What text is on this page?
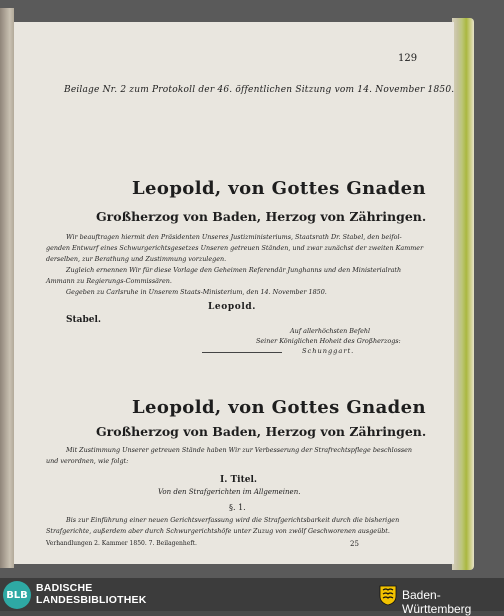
129
Beilage Nr. 2 zum Protokoll der 46. öffentlichen Sitzung vom 14. November 1850.
Leopold, von Gottes Gnaden
Großherzog von Baden, Herzog von Zähringen.
Wir beauftragen hiermit den Präsidenten Unseres Justizministeriums, Staatsrath Dr. Stabel, den beifol-
genden Entwurf eines Schwurgerichtsgesetzes Unseren getreuen Ständen, und zwar zunächst der zweiten Kammer
derselben, zur Berathung und Zustimmung vorzulegen.
Zugleich ernennen Wir für diese Vorlage den Geheimen Referendär Junghanns und den Ministerialrath
Ammann zu Regierungs-Commissären.
Gegeben zu Carlsruhe in Unserem Staats-Ministerium, den 14. November 1850.
Leopold.
Stabel.
Auf allerhöchsten Befehl
Seiner Königlichen Hoheit des Großherzogs:
Schunggart.
Leopold, von Gottes Gnaden
Großherzog von Baden, Herzog von Zähringen.
Mit Zustimmung Unserer getreuen Stände haben Wir zur Verbesserung der Strafrechtspflege beschlossen
und verordnen, wie folgt:
I. Titel.
Von den Strafgerichten im Allgemeinen.
§. 1.
Bis zur Einführung einer neuen Gerichtsverfassung wird die Strafgerichtsbarkeit durch die bisherigen
Strafgerichte, außerdem aber durch Schwurgerichtshöfe unter Zuzug von zwölf Geschworenen ausgeübt.
Verhandlungen 2. Kammer 1850. 7. Beilagenheft.	25
BLB
BADISCHE
LANDESBIBLIOTHEK	Baden-Württemberg
